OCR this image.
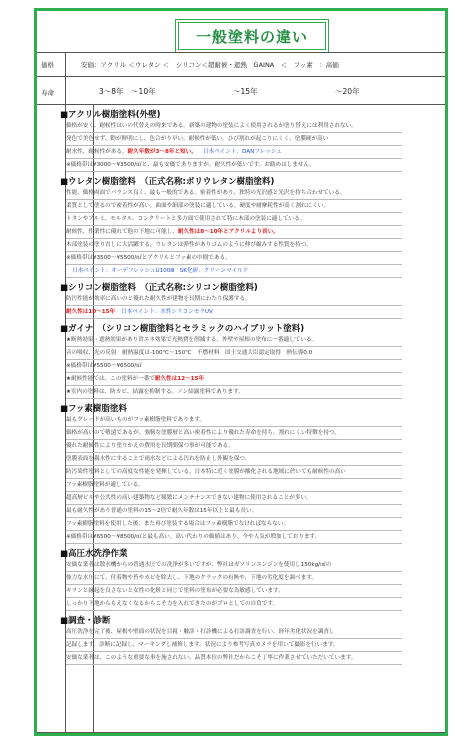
一般塗料の違い
価格	安価：アクリル ＜ウレタン ＜　シリコン＜超耐候・遮熱　GAINA　＜　フッ素　：高価
寿命	3～8年　～10年	～15年	～20年
■アクリル樹脂塗料(外壁)
価格が安く、耐候性はいの代替えの時来である。新築の建物の塗装によく使用されるが塗り替えには利用されない。
発色で美色せず、動が鮮明にし、色合がり早い。耐候性が低い。ひび割れが起こりにくく、塗膜硬が高い
耐水性、耐候性がある。耐久年数が3～8年と短い。 日本ペイント：DANフレッシュ
※価格帯は¥3000～¥3500/㎡と、最も安価でありますが、耐久性が低いです。お勧めはしません。
■ウレタン樹脂塗料　（正式名称:ポリウレタン樹脂塗料)
性能、価格両面でバランス良く、最も一般的である。密着性があり、独特の光沢感と光沢を持ち合わせている。
柔質として塗るので密着性が高い。曲面や細部の塗装に適している。硬度や耐摩耗性が高く割れにくい。
トタンやアルミ、モルタル、コンクリートと多方面で使用されて特に木部の塗装に適している。
耐候性、作業性に優れて他の下地に可能し、耐久性は8～10年とアクリルより長い。
木部塗装の塗り直しに大活躍する。ウレタンは弾性がありゴムのように伸び縮みする性質を持つ。
※価格帯は¥3500～¥5500/㎡とアクリルとフッ素の中間である。
日本ペイント：オーデフレッシュU100Ⅲ　SK化研：クリーンマイルド
■シリコン樹脂塗料　（正式名称:シリコン樹脂塗料)
防汚性能が効率に高いのと優れた耐久性が建物を長期にわたり保護する。
耐久性は10～15年 日本ペイント：水性シリコンセラUV
■ガイナ　（シリコン樹脂塗料とセラミックのハイブリット塗料)
★断熱効果・遮熱効果があり省エネ効果で光熱費を削減する。外壁や屋根の塗布に一番適している。
音の吸収、光の反射　耐熱温度は-100℃～150℃　不燃材料　国土交通大臣認定取得　熱伝導0.0
※価格帯は¥5500～¥6500/㎡
★耐候性能では、この塗料が一番で耐久性は12～15年
★室内の塗料は、防カビ、結露を抑制する。ノン結露塗料であります。
■フッ素樹脂塗料
最もグレードが高いものがフッ素樹脂塗料であります。
価格が高いので敬遠であるが、強靭な塗膜層と高い密着性により優れた寿命を持ち、割れにくい特徴を持つ。
優れた耐候性により塗りかえの費用を長期間保つ事が可能である。
塗膜表面を親水性にすることで雨水などによる汚れを防止し外観を保つ。
防汚染性塗料としての高度な性能を発揮している。日本特に近く塗膜が酸化される地域に於いても耐候性の高い
フッ素樹脂塗料が適している。
超高層ビルや公共性の高い建築物など頻繁にメンテナンスできない建物に使用されることが多い。
最も耐久性があり普通の塗料の15～2倍で耐久年数は15年以上と最も長い。
フッ素樹脂塗料を使用した後、また再び塗装する場合はフッ素樹脂でなければならない。
※価格帯は¥6500～¥8500/㎡と最も高い。高い代わりの価値はあり、今や人気が増加しております。
■高圧水洗浄作業
安価な業者は散水機からの普通水圧での洗浄が多いですが、弊社はガソリンエンジンを使用し150kg/㎠の
強力な水圧にて、付着物や苔やカビを除去し、下地のクラックの有無や、下地の劣化度を調べます。
キランと縁起を良さないと女性の化粧と同じで塗料の塗布が必要な為敏感しています。
しっかり下地からもえなくなるからこそ力を入れてきたのがプロとしての自負です。
■調査・診断
高圧洗浄を完了後、屋根や壁面の状況を目視・触診・打診機による打診調査を行い、経年劣化状況を調査し
記録します。診断に記録し、マーキングし補修します。状況により参考写真カメラを用いて撮影を行います。
安価な業者は、このような重要な事を施されない。品質本位の弊社だからこそ丁寧に作業させていただいています。
